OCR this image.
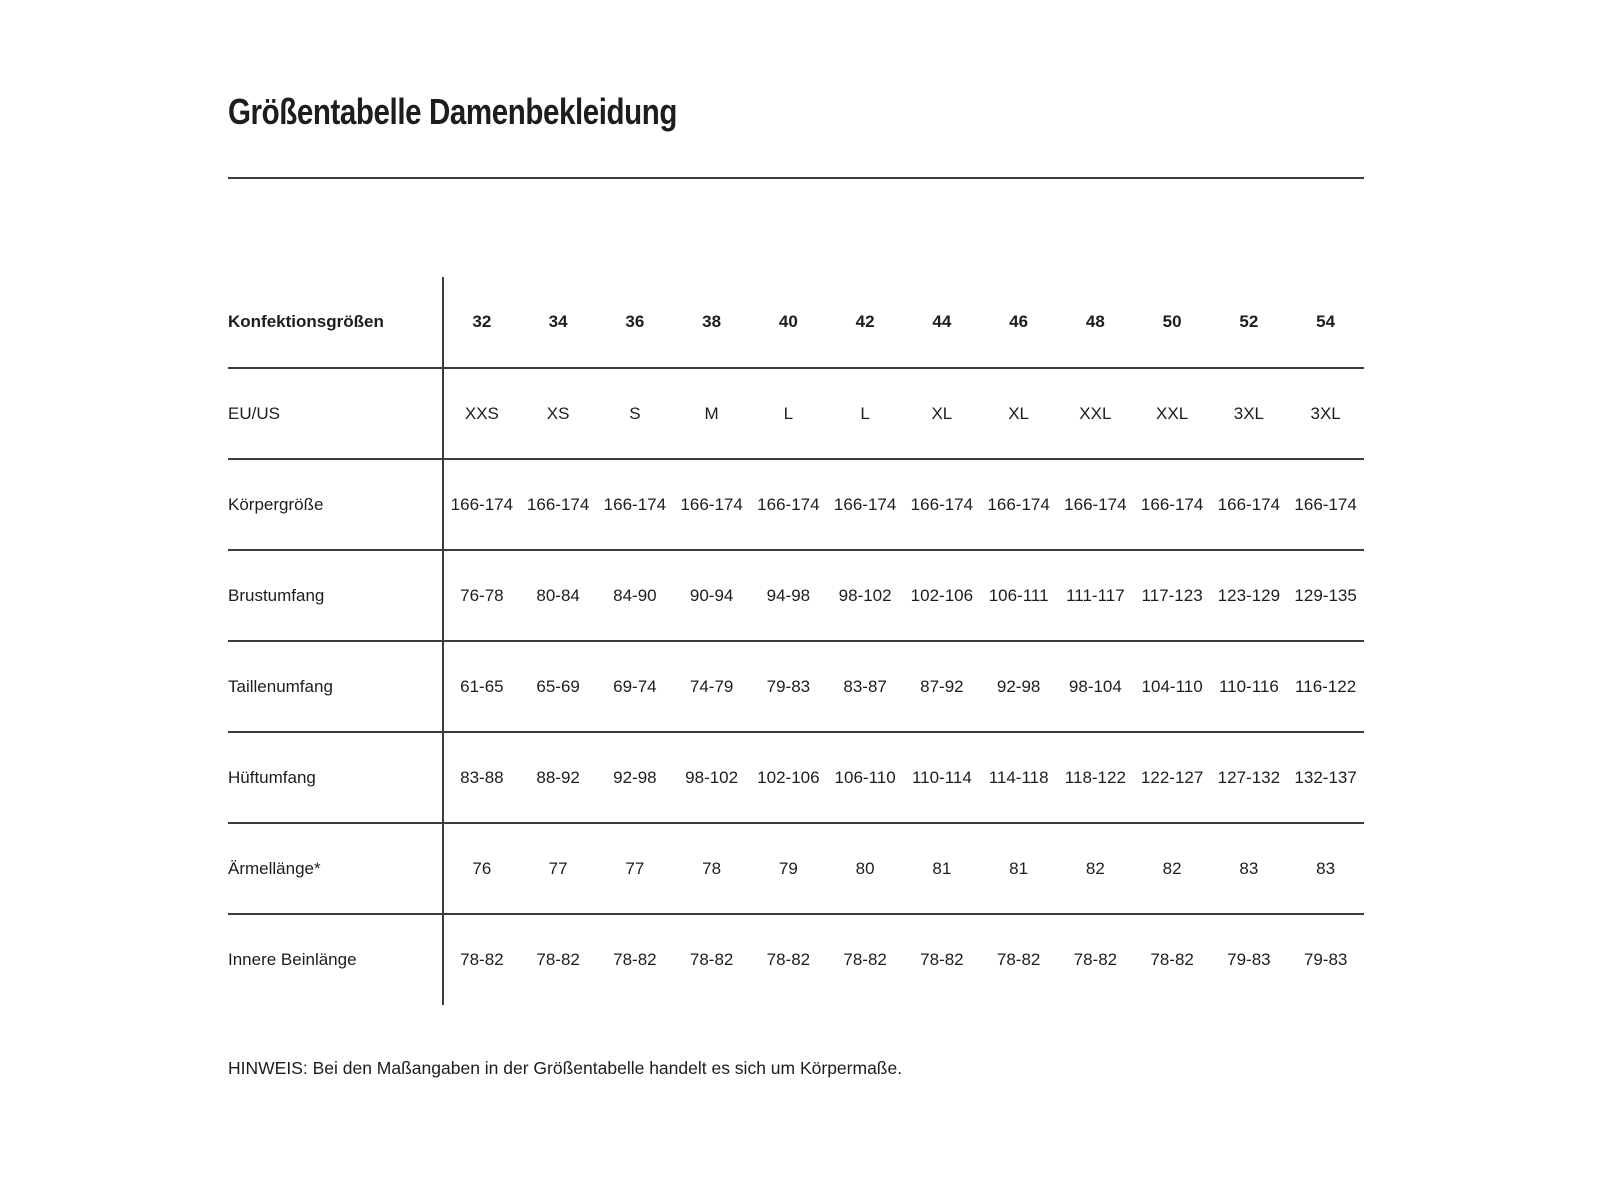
Größentabelle Damenbekleidung
Konfektionsgrößen	32	34	36	38	40	42	44	46	48	50	52	54
EU/US	XXS	XS	S	M	L	L	XL	XL	XXL	XXL	3XL	3XL
Körpergröße	166-174	166-174	166-174	166-174	166-174	166-174	166-174	166-174	166-174	166-174	166-174	166-174
Brustumfang	76-78	80-84	84-90	90-94	94-98	98-102	102-106	106-111	111-117	117-123	123-129	129-135
Taillenumfang	61-65	65-69	69-74	74-79	79-83	83-87	87-92	92-98	98-104	104-110	110-116	116-122
Hüftumfang	83-88	88-92	92-98	98-102	102-106	106-110	110-114	114-118	118-122	122-127	127-132	132-137
Ärmellänge*	76	77	77	78	79	80	81	81	82	82	83	83
Innere Beinlänge	78-82	78-82	78-82	78-82	78-82	78-82	78-82	78-82	78-82	78-82	79-83	79-83

HINWEIS: Bei den Maßangaben in der Größentabelle handelt es sich um Körpermaße.
